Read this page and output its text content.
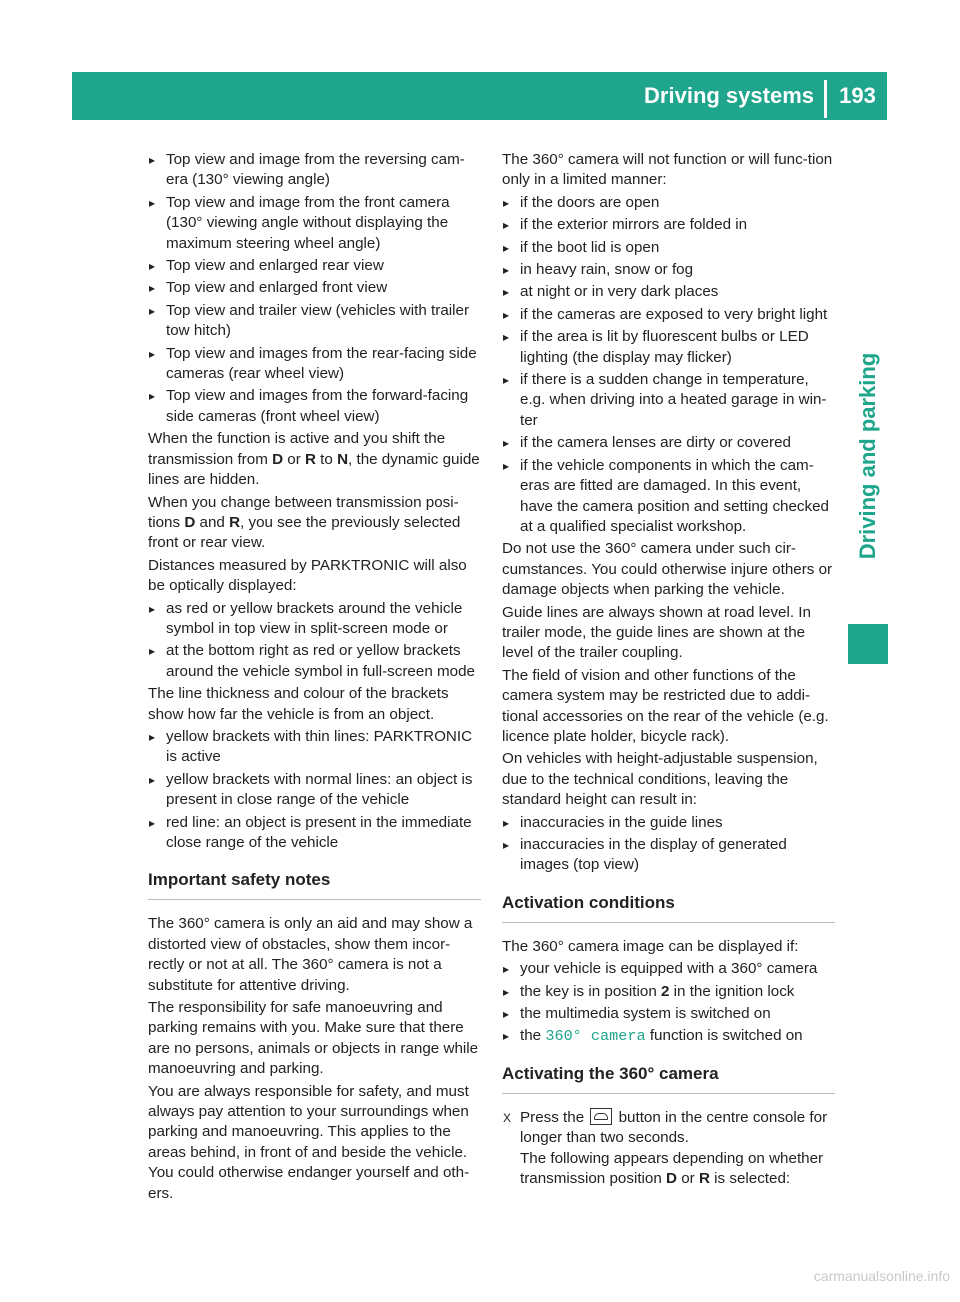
Driving systems	193
Driving and parking
▸ Top view and image from the reversing cam-era (130° viewing angle)
▸ Top view and image from the front camera (130° viewing angle without displaying the maximum steering wheel angle)
▸ Top view and enlarged rear view
▸ Top view and enlarged front view
▸ Top view and trailer view (vehicles with trailer tow hitch)
▸ Top view and images from the rear-facing side cameras (rear wheel view)
▸ Top view and images from the forward-facing side cameras (front wheel view)

When the function is active and you shift the transmission from D or R to N, the dynamic guide lines are hidden.

When you change between transmission posi-tions D and R, you see the previously selected front or rear view.

Distances measured by PARKTRONIC will also be optically displayed:

▸ as red or yellow brackets around the vehicle symbol in top view in split-screen mode or
▸ at the bottom right as red or yellow brackets around the vehicle symbol in full-screen mode

The line thickness and colour of the brackets show how far the vehicle is from an object.

▸ yellow brackets with thin lines: PARKTRONIC is active
▸ yellow brackets with normal lines: an object is present in close range of the vehicle
▸ red line: an object is present in the immediate close range of the vehicle
Important safety notes

The 360° camera is only an aid and may show a distorted view of obstacles, show them incor-rectly or not at all. The 360° camera is not a substitute for attentive driving.

The responsibility for safe manoeuvring and parking remains with you. Make sure that there are no persons, animals or objects in range while manoeuvring and parking.

You are always responsible for safety, and must always pay attention to your surroundings when parking and manoeuvring. This applies to the areas behind, in front of and beside the vehicle. You could otherwise endanger yourself and oth-ers.

The 360° camera will not function or will func-tion only in a limited manner:

▸ if the doors are open
▸ if the exterior mirrors are folded in
▸ if the boot lid is open
▸ in heavy rain, snow or fog
▸ at night or in very dark places
▸ if the cameras are exposed to very bright light
▸ if the area is lit by fluorescent bulbs or LED lighting (the display may flicker)
▸ if there is a sudden change in temperature, e.g. when driving into a heated garage in win-ter
▸ if the camera lenses are dirty or covered
▸ if the vehicle components in which the cam-eras are fitted are damaged. In this event, have the camera position and setting checked at a qualified specialist workshop.

Do not use the 360° camera under such cir-cumstances. You could otherwise injure others or damage objects when parking the vehicle.

Guide lines are always shown at road level. In trailer mode, the guide lines are shown at the level of the trailer coupling.

The field of vision and other functions of the camera system may be restricted due to addi-tional accessories on the rear of the vehicle (e.g. licence plate holder, bicycle rack).

On vehicles with height-adjustable suspension, due to the technical conditions, leaving the standard height can result in:

▸ inaccuracies in the guide lines
▸ inaccuracies in the display of generated images (top view)
Activation conditions

The 360° camera image can be displayed if:

▸ your vehicle is equipped with a 360° camera
▸ the key is in position 2 in the ignition lock
▸ the multimedia system is switched on
▸ the 360° camera function is switched on
Activating the 360° camera
X Press the  button in the centre console for longer than two seconds.
The following appears depending on whether transmission position D or R is selected:
carmanualsonline.info
